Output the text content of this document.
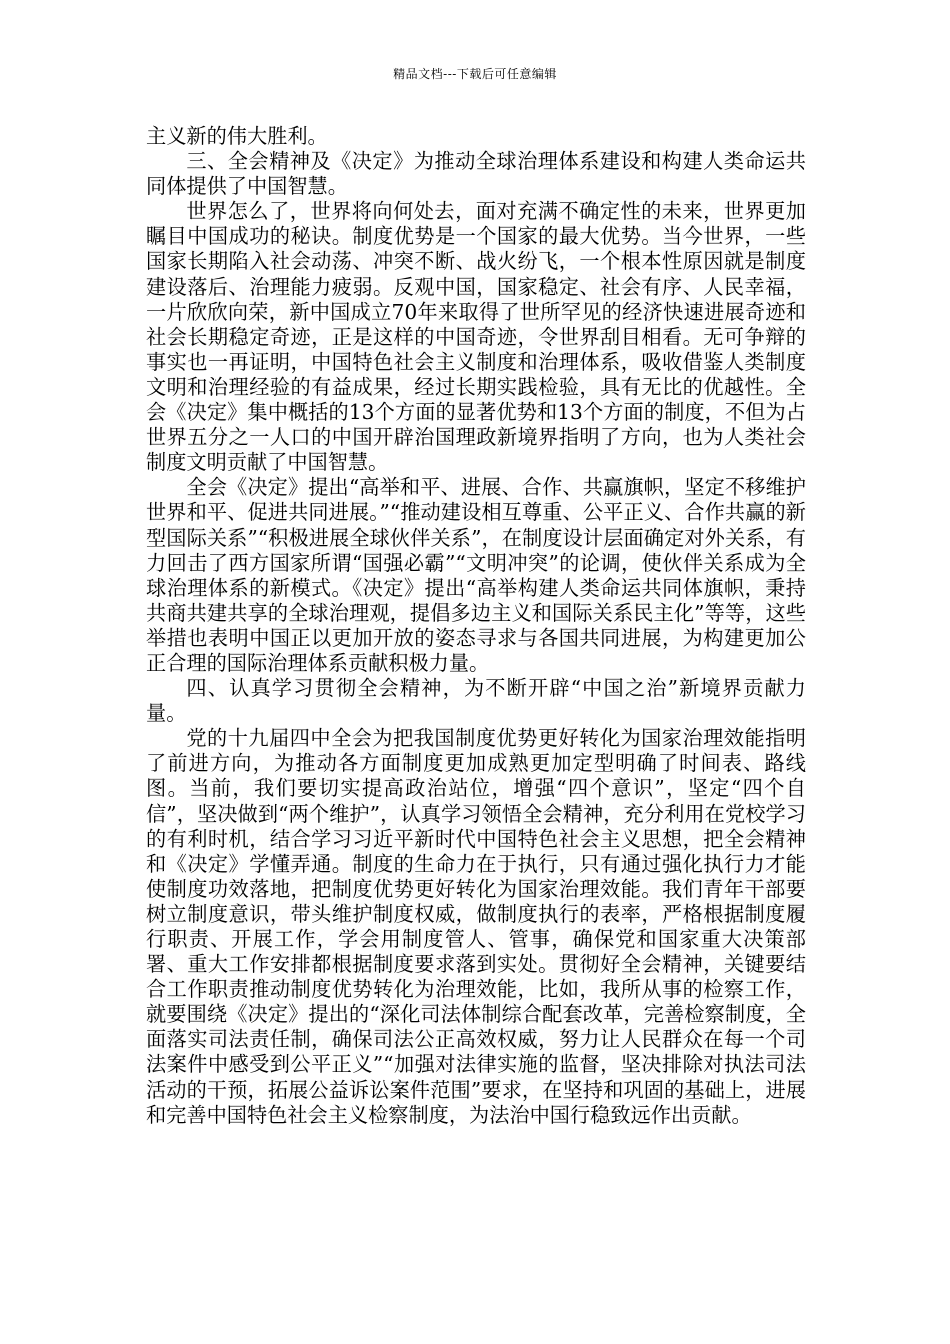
精品文档---下载后可任意编辑

主义新的伟大胜利。

三、全会精神及《决定》为推动全球治理体系建设和构建人类命运共同体提供了中国智慧。

世界怎么了，世界将向何处去，面对充满不确定性的未来，世界更加瞩目中国成功的秘诀。制度优势是一个国家的最大优势。当今世界，一些国家长期陷入社会动荡、冲突不断、战火纷飞，一个根本性原因就是制度建设落后、治理能力疲弱。反观中国，国家稳定、社会有序、人民幸福，一片欣欣向荣，新中国成立70年来取得了世所罕见的经济快速进展奇迹和社会长期稳定奇迹，正是这样的中国奇迹，令世界刮目相看。无可争辩的事实也一再证明，中国特色社会主义制度和治理体系，吸收借鉴人类制度文明和治理经验的有益成果，经过长期实践检验，具有无比的优越性。全会《决定》集中概括的13个方面的显著优势和13个方面的制度，不但为占世界五分之一人口的中国开辟治国理政新境界指明了方向，也为人类社会制度文明贡献了中国智慧。

全会《决定》提出“高举和平、进展、合作、共赢旗帜，坚定不移维护世界和平、促进共同进展。”“推动建设相互尊重、公平正义、合作共赢的新型国际关系”“积极进展全球伙伴关系”，在制度设计层面确定对外关系，有力回击了西方国家所谓“国强必霸”“文明冲突”的论调，使伙伴关系成为全球治理体系的新模式。《决定》提出“高举构建人类命运共同体旗帜，秉持共商共建共享的全球治理观，提倡多边主义和国际关系民主化”等等，这些举措也表明中国正以更加开放的姿态寻求与各国共同进展，为构建更加公正合理的国际治理体系贡献积极力量。

四、认真学习贯彻全会精神，为不断开辟“中国之治”新境界贡献力量。

党的十九届四中全会为把我国制度优势更好转化为国家治理效能指明了前进方向，为推动各方面制度更加成熟更加定型明确了时间表、路线图。当前，我们要切实提高政治站位，增强“四个意识”，坚定“四个自信”，坚决做到“两个维护”，认真学习领悟全会精神，充分利用在党校学习的有利时机，结合学习习近平新时代中国特色社会主义思想，把全会精神和《决定》学懂弄通。制度的生命力在于执行，只有通过强化执行力才能使制度功效落地，把制度优势更好转化为国家治理效能。我们青年干部要树立制度意识，带头维护制度权威，做制度执行的表率，严格根据制度履行职责、开展工作，学会用制度管人、管事，确保党和国家重大决策部署、重大工作安排都根据制度要求落到实处。贯彻好全会精神，关键要结合工作职责推动制度优势转化为治理效能，比如，我所从事的检察工作，就要围绕《决定》提出的“深化司法体制综合配套改革，完善检察制度，全面落实司法责任制，确保司法公正高效权威，努力让人民群众在每一个司法案件中感受到公平正义”“加强对法律实施的监督，坚决排除对执法司法活动的干预，拓展公益诉讼案件范围”要求，在坚持和巩固的基础上，进展和完善中国特色社会主义检察制度，为法治中国行稳致远作出贡献。
